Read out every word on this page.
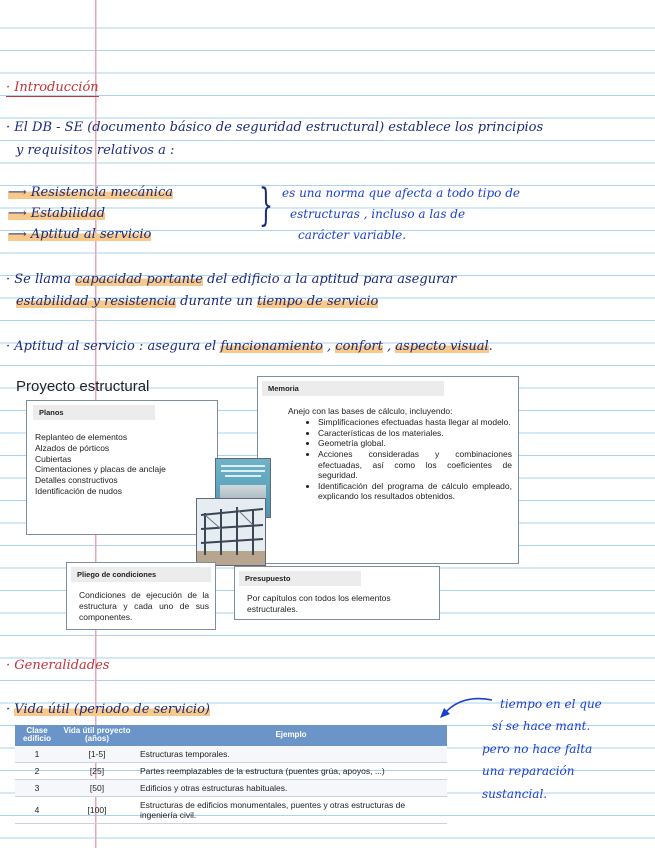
· Introducción
· El DB - SE (documento básico de seguridad estructural) establece los principios
y requisitos relativos a :
⟶ Resistencia mecánica
⟶ Estabilidad
⟶ Aptitud al servicio
} es una norma que afecta a todo tipo de
estructuras , incluso a las de
carácter variable.
· Se llama capacidad portante del edificio a la aptitud para asegurar
estabilidad y resistencia durante un tiempo de servicio
· Aptitud al servicio : asegura el funcionamiento , confort , aspecto visual.
Proyecto estructural
Planos
Replanteo de elementos
Alzados de pórticos
Cubiertas
Cimentaciones y placas de anclaje
Detalles constructivos
Identificación de nudos
Memoria
Anejo con las bases de cálculo, incluyendo:
• Simplificaciones efectuadas hasta llegar al modelo.
• Características de los materiales.
• Geometría global.
• Acciones consideradas y combinaciones efectuadas, así como los coeficientes de seguridad.
• Identificación del programa de cálculo empleado, explicando los resultados obtenidos.
Pliego de condiciones
Condiciones de ejecución de la estructura y cada uno de sus componentes.
Presupuesto
Por capítulos con todos los elementos estructurales.
· Generalidades
· Vida útil (periodo de servicio)	tiempo en el que
sí se hace mant.
pero no hace falta
una reparación
sustancial.
Clase edificio	Vida útil proyecto (años)	Ejemplo
1	[1-5]	Estructuras temporales.
2	[25]	Partes reemplazables de la estructura (puentes grúa, apoyos, ...)
3	[50]	Edificios y otras estructuras habituales.
4	[100]	Estructuras de edificios monumentales, puentes y otras estructuras de ingeniería civil.
